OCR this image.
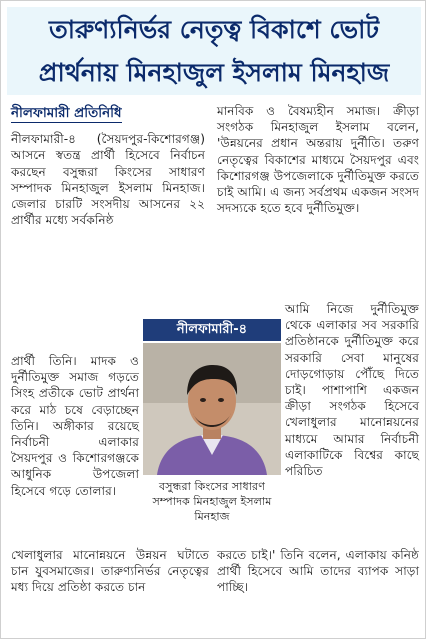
তারুণ্যনির্ভর নেতৃত্ব বিকাশে ভোট
প্রার্থনায় মিনহাজুল ইসলাম মিনহাজ
নীলফামারী প্রতিনিধি

নীলফামারী-৪ (সৈয়দপুর-কিশোরগঞ্জ) আসনে স্বতন্ত্র প্রার্থী হিসেবে নির্বাচন করছেন বসুন্ধরা কিংসের সাধারণ সম্পাদক মিনহাজুল ইসলাম মিনহাজ। জেলার চারটি সংসদীয় আসনের ২২ প্রার্থীর মধ্যে সর্বকনিষ্ঠ

প্রার্থী তিনি। মাদক ও দুর্নীতিমুক্ত সমাজ গড়তে সিংহ প্রতীকে ভোট প্রার্থনা করে মাঠ চষে বেড়াচ্ছেন তিনি। অঙ্গীকার রয়েছে নির্বাচনী এলাকার সৈয়দপুর ও কিশোরগঞ্জকে আধুনিক উপজেলা হিসেবে গড়ে তোলার।
মানবিক ও বৈষম্যহীন সমাজ। ক্রীড়া সংগঠক মিনহাজুল ইসলাম বলেন, 'উন্নয়নের প্রধান অন্তরায় দুর্নীতি। তরুণ নেতৃত্বের বিকাশের মাধ্যমে সৈয়দপুর এবং কিশোরগঞ্জ উপজেলাকে দুর্নীতিমুক্ত করতে চাই আমি। এ জন্য সর্বপ্রথম একজন সংসদ সদস্যকে হতে হবে দুর্নীতিমুক্ত।
আমি নিজে দুর্নীতিমুক্ত থেকে এলাকার সব সরকারি প্রতিষ্ঠানকে দুর্নীতিমুক্ত করে সরকারি সেবা মানুষের দোড়গোড়ায় পৌঁছে দিতে চাই। পাশাপাশি একজন ক্রীড়া সংগঠক হিসেবে খেলাধুলার মানোন্নয়নের মাধ্যমে আমার নির্বাচনী এলাকাটিকে বিশ্বের কাছে পরিচিত
নীলফামারী-৪
বসুন্ধরা কিংসের সাধারণ সম্পাদক মিনহাজুল ইসলাম মিনহাজ
খেলাধুলার মানোন্নয়নে উন্নয়ন ঘটাতে চান যুবসমাজের। তারুণ্যনির্ভর নেতৃত্বের মধ্য দিয়ে প্রতিষ্ঠা করতে চান
করতে চাই।' তিনি বলেন, এলাকায় কনিষ্ঠ প্রার্থী হিসেবে আমি তাদের ব্যাপক সাড়া পাচ্ছি।
